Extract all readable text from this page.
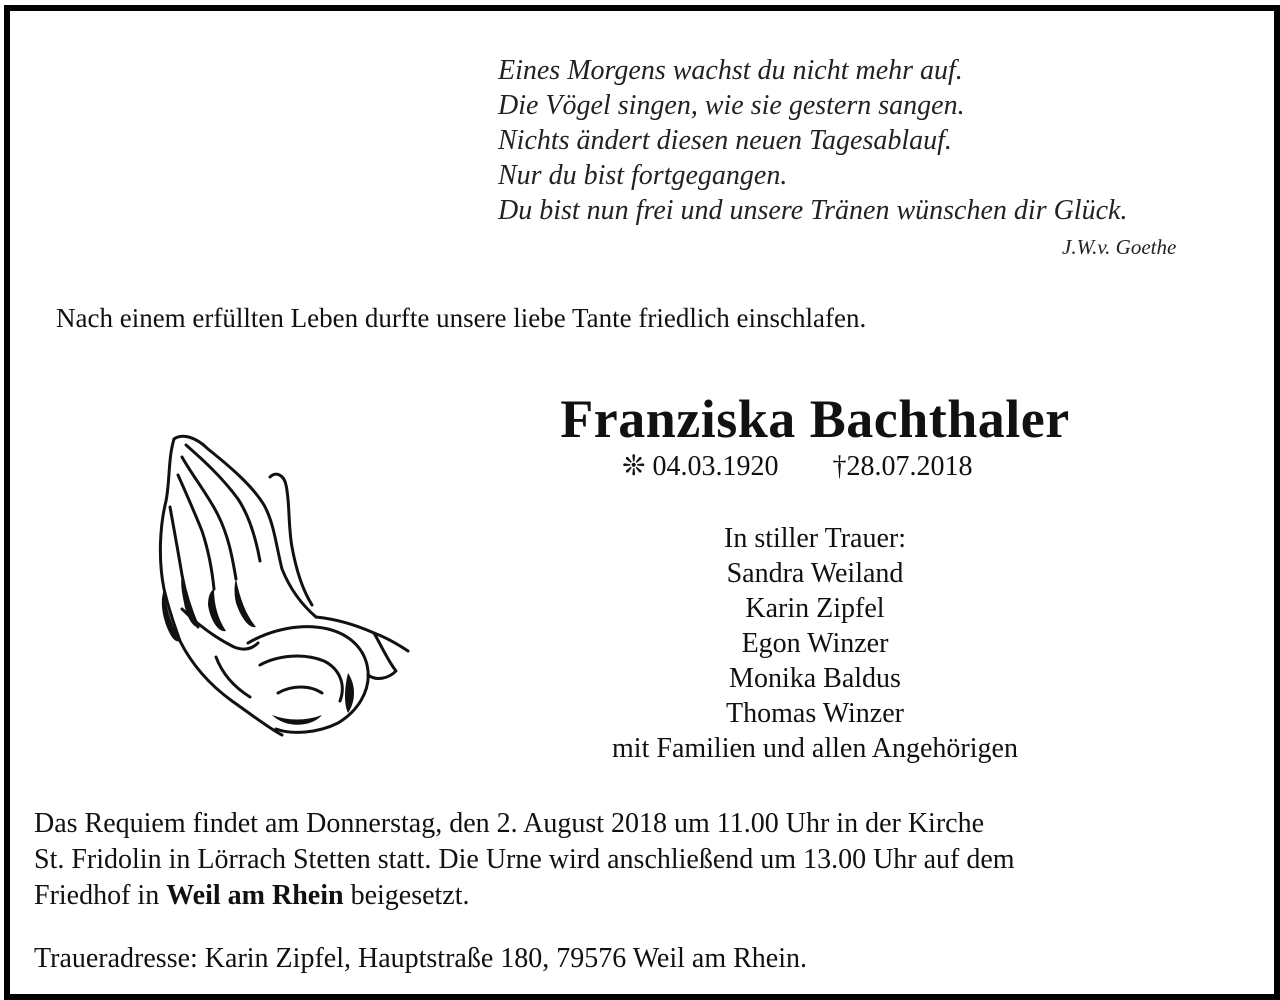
Eines Morgens wachst du nicht mehr auf.
Die Vögel singen, wie sie gestern sangen.
Nichts ändert diesen neuen Tagesablauf.
Nur du bist fortgegangen.
Du bist nun frei und unsere Tränen wünschen dir Glück.
J.W.v. Goethe
Nach einem erfüllten Leben durfte unsere liebe Tante friedlich einschlafen.
Franziska Bachthaler
❊ 04.03.1920 †28.07.2018
In stiller Trauer:
Sandra Weiland
Karin Zipfel
Egon Winzer
Monika Baldus
Thomas Winzer
mit Familien und allen Angehörigen
Das Requiem findet am Donnerstag, den 2. August 2018 um 11.00 Uhr in der Kirche
St. Fridolin in Lörrach Stetten statt. Die Urne wird anschließend um 13.00 Uhr auf dem
Friedhof in Weil am Rhein beigesetzt.
Traueradresse: Karin Zipfel, Hauptstraße 180, 79576 Weil am Rhein.
